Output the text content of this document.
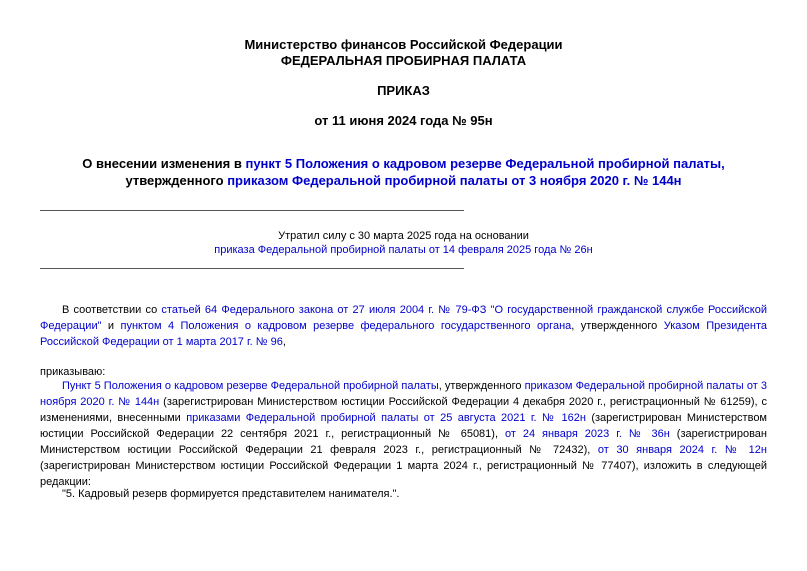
Министерство финансов Российской Федерации
ФЕДЕРАЛЬНАЯ ПРОБИРНАЯ ПАЛАТА
ПРИКАЗ
от 11 июня 2024 года № 95н
О внесении изменения в пункт 5 Положения о кадровом резерве Федеральной пробирной палаты,
утвержденного приказом Федеральной пробирной палаты от 3 ноября 2020 г. № 144н
Утратил силу с 30 марта 2025 года на основании
приказа Федеральной пробирной палаты от 14 февраля 2025 года № 26н
В соответствии со статьей 64 Федерального закона от 27 июля 2004 г. № 79-ФЗ "О государственной гражданской службе Российской Федерации" и пунктом 4 Положения о кадровом резерве федерального государственного органа, утвержденного Указом Президента Российской Федерации от 1 марта 2017 г. № 96,
приказываю:
Пункт 5 Положения о кадровом резерве Федеральной пробирной палаты, утвержденного приказом Федеральной пробирной палаты от 3 ноября 2020 г. № 144н (зарегистрирован Министерством юстиции Российской Федерации 4 декабря 2020 г., регистрационный № 61259), с изменениями, внесенными приказами Федеральной пробирной палаты от 25 августа 2021 г. № 162н (зарегистрирован Министерством юстиции Российской Федерации 22 сентября 2021 г., регистрационный № 65081), от 24 января 2023 г. № 36н (зарегистрирован Министерством юстиции Российской Федерации 21 февраля 2023 г., регистрационный № 72432), от 30 января 2024 г. № 12н (зарегистрирован Министерством юстиции Российской Федерации 1 марта 2024 г., регистрационный № 77407), изложить в следующей редакции:
"5. Кадровый резерв формируется представителем нанимателя.".
